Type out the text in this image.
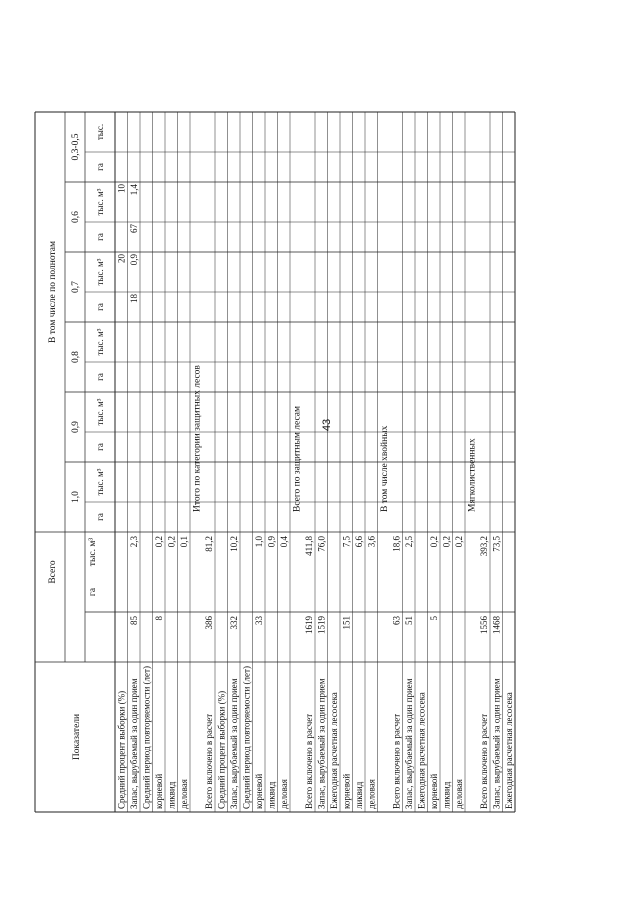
Показатели
Всего
га
тыс. м³
В том числе по полнотам
1,0
га
тыс. м³
0,9
га
тыс. м³
0,8
га
тыс. м³
0,7
га
тыс. м³
0,6
га
тыс. м³
0,3-0,5
га
тыс.
Средний процент выборки (%) Запас, вырубаемый за один прием
85
2,3
Средний период повторяемости (лет) корневой
8
0,2
ликвид
0,2
деловая
0,1
Итого по категории защитных лесов
Всего включено в расчет
386
81,2
Средний процент выборки (%) Запас, вырубаемый за один прием
332
10,2
Средний период повторяемости (лет) корневой
33
1,0
ликвид
0,9
деловая
0,4
Всего по защитным лесам
Всего включено в расчет
1619
411,8
Запас, вырубаемый за один прием
1519
76,0
Ежегодная расчетная лесосека корневой
151
7,5
ликвид
6,6
деловая
3,6
В том числе хвойных
Всего включено в расчет
63
18,6
Запас, вырубаемый за один прием
51
2,5
Ежегодная расчетная лесосека корневой
5
0,2
ликвид
0,2
деловая
0,2
Мягколиственных
Всего включено в расчет
1556
393,2
Запас, вырубаемый за один прием
1468
73,5
Ежегодная расчетная лесосека
18
20 0,9
67
10 1,4
43
